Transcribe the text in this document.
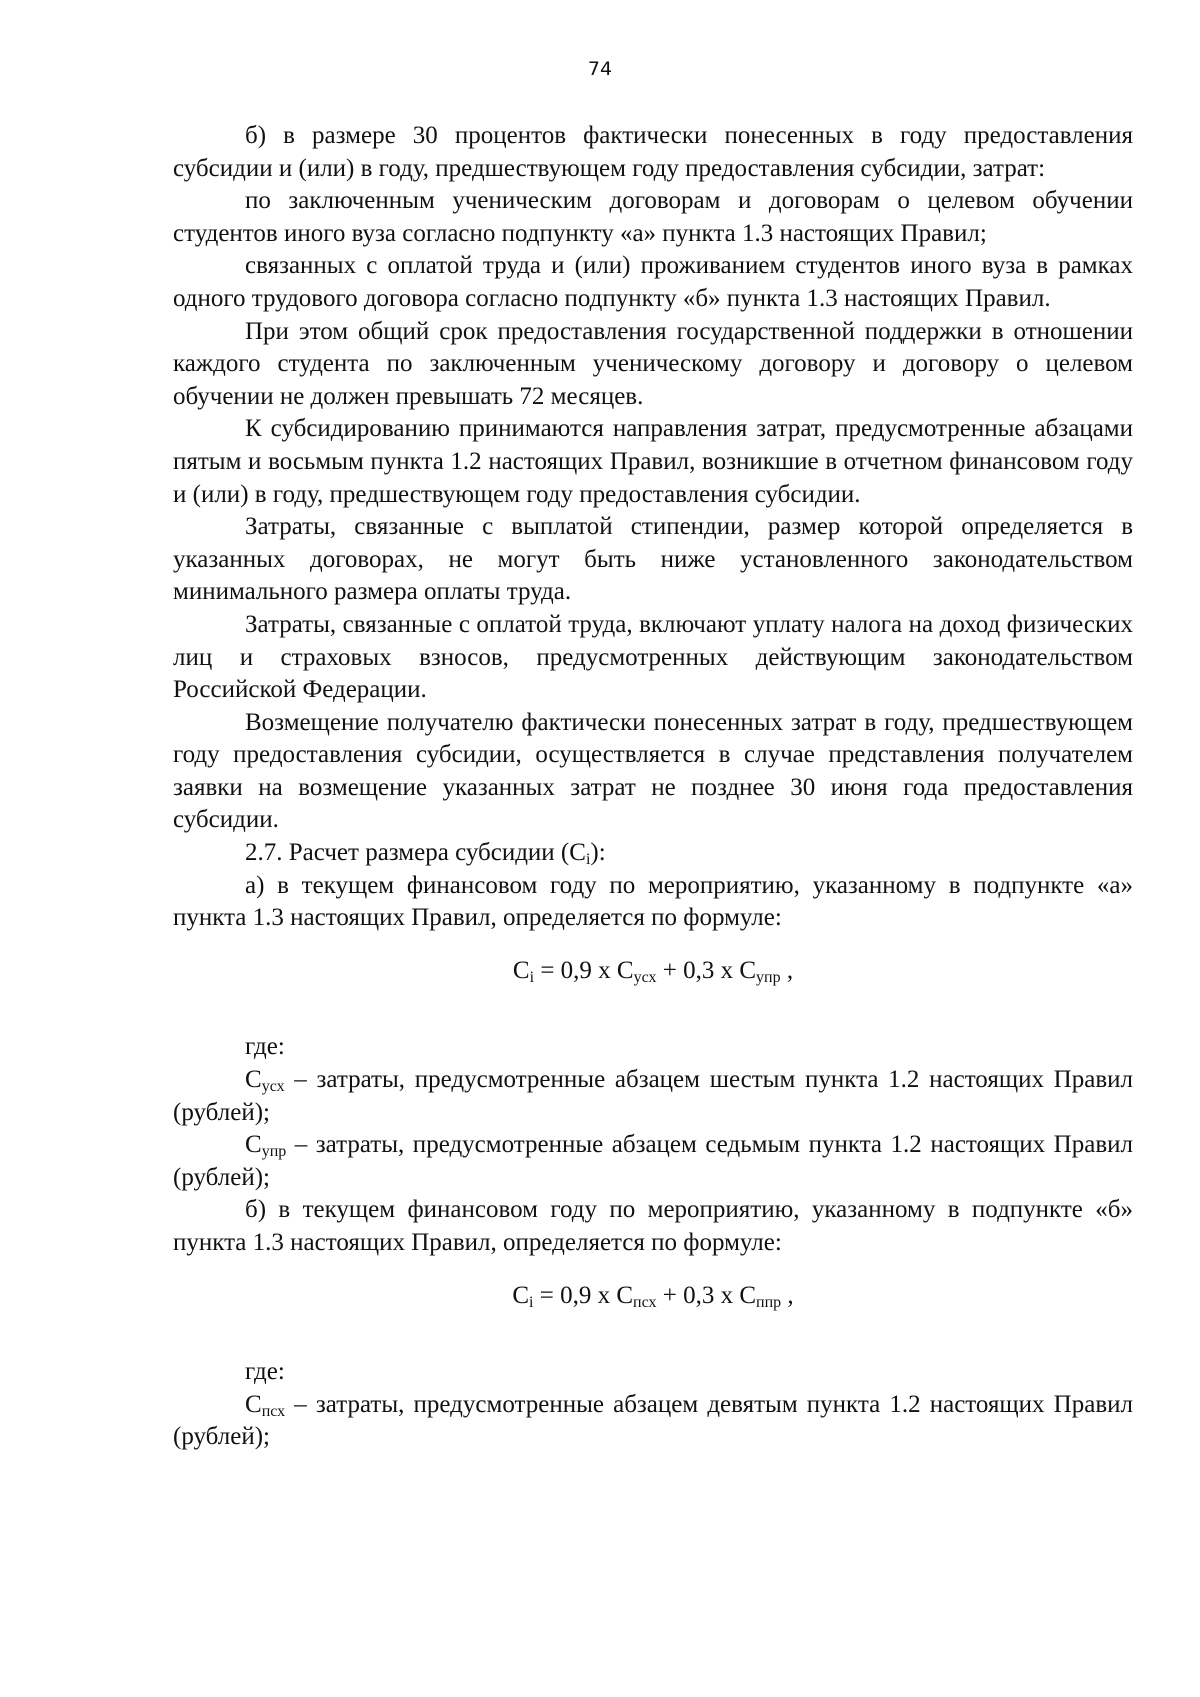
74

б) в размере 30 процентов фактически понесенных в году предоставления субсидии и (или) в году, предшествующем году предоставления субсидии, затрат:

по заключенным ученическим договорам и договорам о целевом обучении студентов иного вуза согласно подпункту «а» пункта 1.3 настоящих Правил;

связанных с оплатой труда и (или) проживанием студентов иного вуза в рамках одного трудового договора согласно подпункту «б» пункта 1.3 настоящих Правил.

При этом общий срок предоставления государственной поддержки в отношении каждого студента по заключенным ученическому договору и договору о целевом обучении не должен превышать 72 месяцев.

К субсидированию принимаются направления затрат, предусмотренные абзацами пятым и восьмым пункта 1.2 настоящих Правил, возникшие в отчетном финансовом году и (или) в году, предшествующем году предоставления субсидии.

Затраты, связанные с выплатой стипендии, размер которой определяется в указанных договорах, не могут быть ниже установленного законодательством минимального размера оплаты труда.

Затраты, связанные с оплатой труда, включают уплату налога на доход физических лиц и страховых взносов, предусмотренных действующим законодательством Российской Федерации.

Возмещение получателю фактически понесенных затрат в году, предшествующем году предоставления субсидии, осуществляется в случае представления получателем заявки на возмещение указанных затрат не позднее 30 июня года предоставления субсидии.

2.7. Расчет размера субсидии $(С_i)$:

а) в текущем финансовом году по мероприятию, указанному в подпункте «а» пункта 1.3 настоящих Правил, определяется по формуле:

$С_i = 0,9$ х $С_{усх} + 0,3$ х $С_{упр}$ ,

где:

$С_{усх}$ – затраты, предусмотренные абзацем шестым пункта 1.2 настоящих Правил (рублей);

$С_{упр}$ – затраты, предусмотренные абзацем седьмым пункта 1.2 настоящих Правил (рублей);

б) в текущем финансовом году по мероприятию, указанному в подпункте «б» пункта 1.3 настоящих Правил, определяется по формуле:

$С_i = 0,9$ х $С_{псх} + 0,3$ х $С_{ппр}$ ,

где:

$С_{псх}$ – затраты, предусмотренные абзацем девятым пункта 1.2 настоящих Правил (рублей);
